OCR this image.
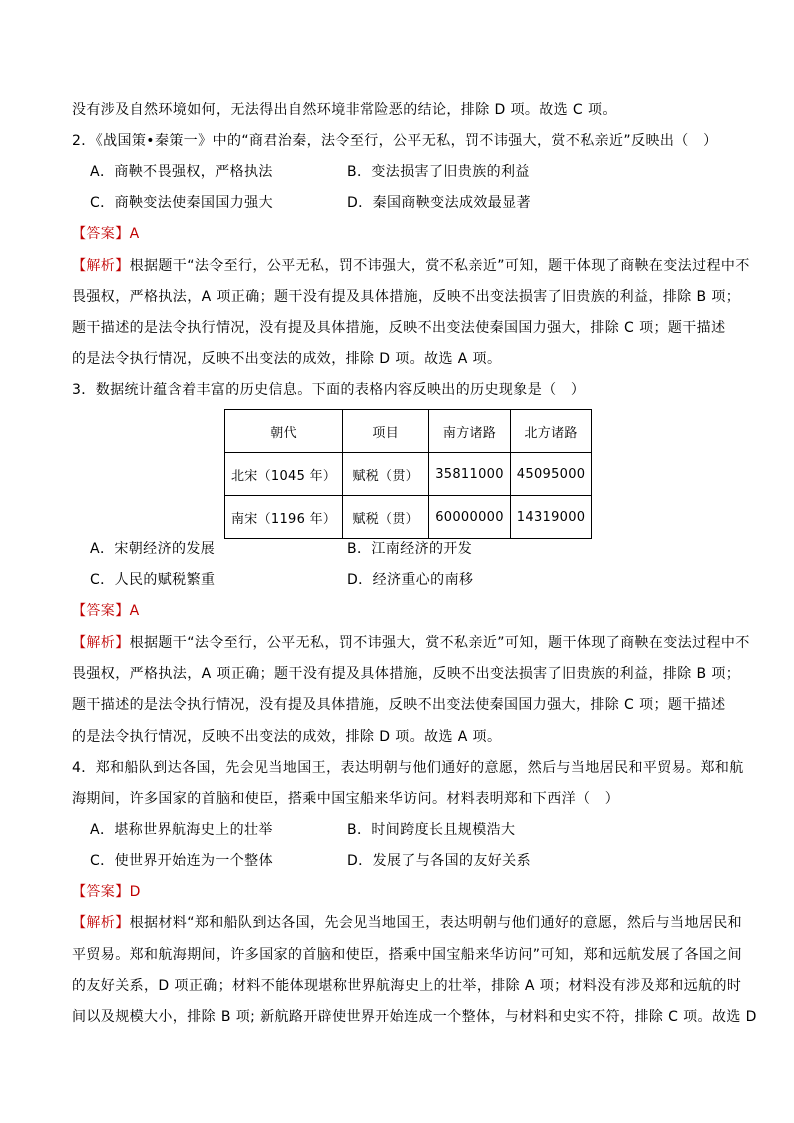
没有涉及自然环境如何，无法得出自然环境非常险恶的结论，排除 D 项。故选 C 项。
2．《战国策•秦策一》中的“商君治秦，法令至行，公平无私，罚不讳强大，赏不私亲近”反映出（　）
A．商鞅不畏强权，严格执法	B．变法损害了旧贵族的利益
C．商鞅变法使秦国国力强大	D．秦国商鞅变法成效最显著
【答案】A
【解析】根据题干“法令至行，公平无私，罚不讳强大，赏不私亲近”可知，题干体现了商鞅在变法过程中不
畏强权，严格执法，A 项正确；题干没有提及具体措施，反映不出变法损害了旧贵族的利益，排除 B 项；
题干描述的是法令执行情况，没有提及具体措施，反映不出变法使秦国国力强大，排除 C 项；题干描述
的是法令执行情况，反映不出变法的成效，排除 D 项。故选 A 项。
3．数据统计蕴含着丰富的历史信息。下面的表格内容反映出的历史现象是（　）
朝代	项目	南方诸路	北方诸路
北宋（1045 年）	赋税（贯）	35811000	45095000
南宋（1196 年）	赋税（贯）	60000000	14319000
A．宋朝经济的发展	B．江南经济的开发
C．人民的赋税繁重	D．经济重心的南移
【答案】A
【解析】根据题干“法令至行，公平无私，罚不讳强大，赏不私亲近”可知，题干体现了商鞅在变法过程中不
畏强权，严格执法，A 项正确；题干没有提及具体措施，反映不出变法损害了旧贵族的利益，排除 B 项；
题干描述的是法令执行情况，没有提及具体措施，反映不出变法使秦国国力强大，排除 C 项；题干描述
的是法令执行情况，反映不出变法的成效，排除 D 项。故选 A 项。
4．郑和船队到达各国，先会见当地国王，表达明朝与他们通好的意愿，然后与当地居民和平贸易。郑和航
海期间，许多国家的首脑和使臣，搭乘中国宝船来华访问。材料表明郑和下西洋（　）
A．堪称世界航海史上的壮举	B．时间跨度长且规模浩大
C．使世界开始连为一个整体	D．发展了与各国的友好关系
【答案】D
【解析】根据材料“郑和船队到达各国，先会见当地国王，表达明朝与他们通好的意愿，然后与当地居民和
平贸易。郑和航海期间，许多国家的首脑和使臣，搭乘中国宝船来华访问”可知，郑和远航发展了各国之间
的友好关系，D 项正确；材料不能体现堪称世界航海史上的壮举，排除 A 项；材料没有涉及郑和远航的时
间以及规模大小，排除 B 项; 新航路开辟使世界开始连成一个整体，与材料和史实不符，排除 C 项。故选 D
